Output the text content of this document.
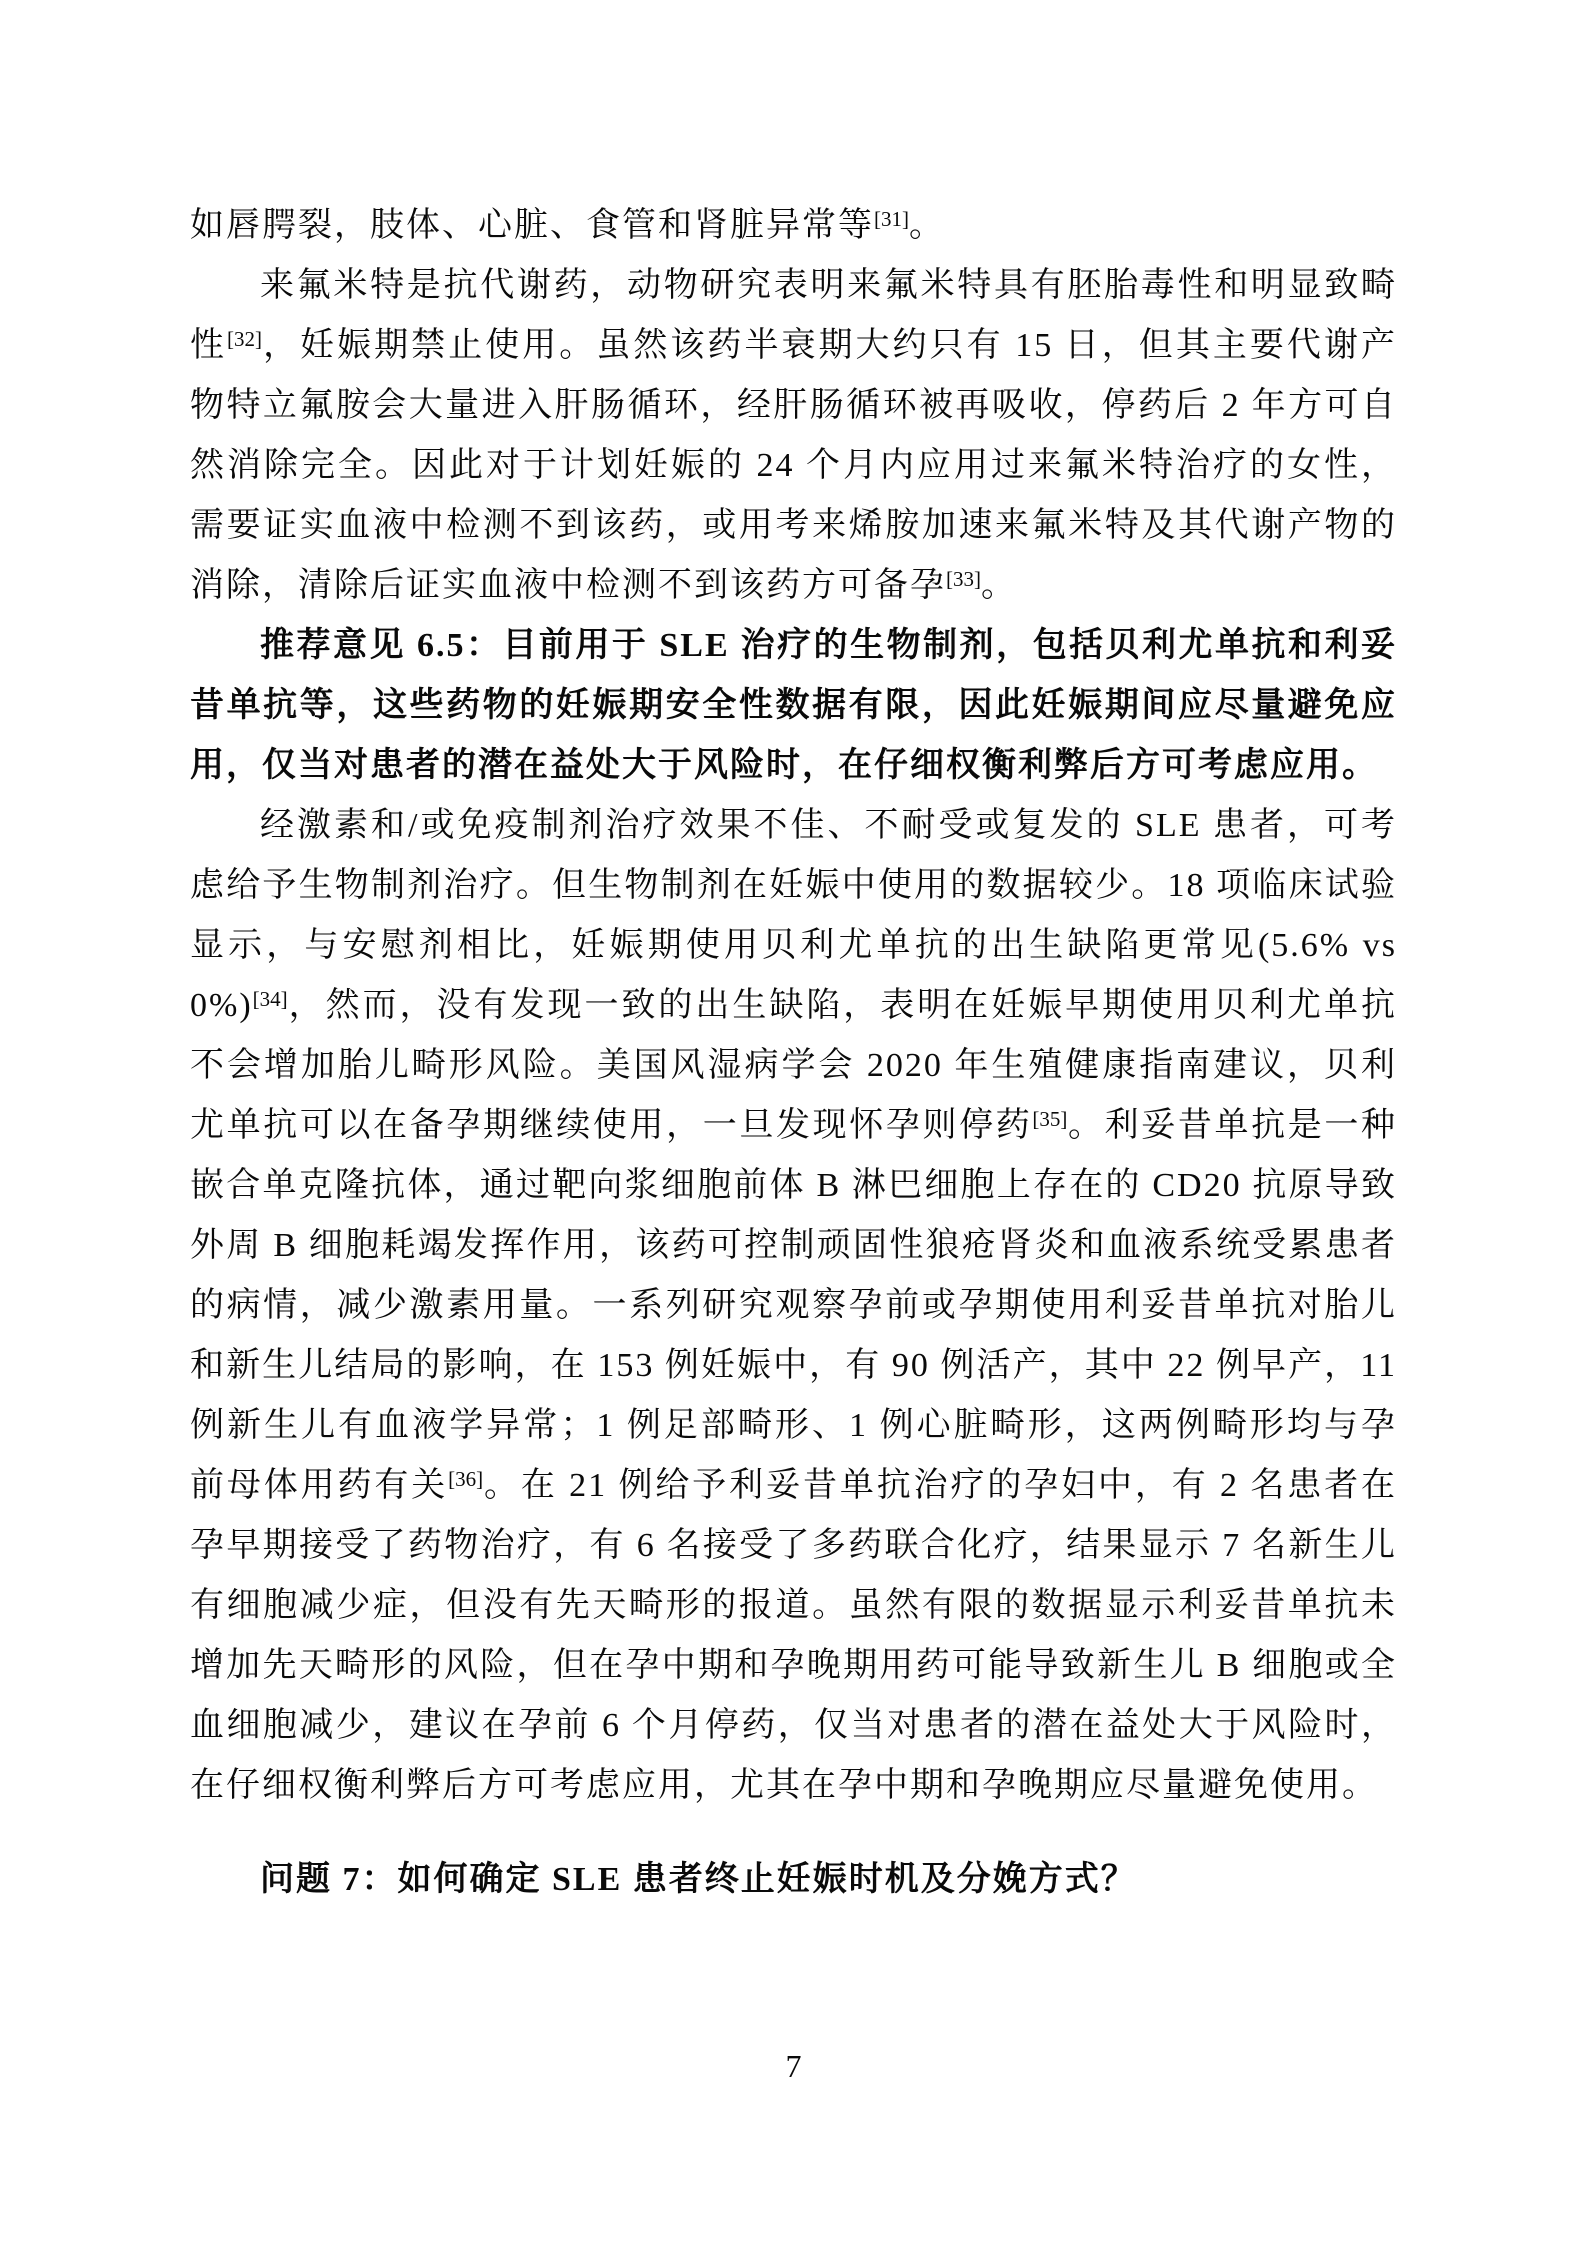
如唇腭裂，肢体、心脏、食管和肾脏异常等[31]。

来氟米特是抗代谢药，动物研究表明来氟米特具有胚胎毒性和明显致畸性[32]，妊娠期禁止使用。虽然该药半衰期大约只有 15 日，但其主要代谢产物特立氟胺会大量进入肝肠循环，经肝肠循环被再吸收，停药后 2 年方可自然消除完全。因此对于计划妊娠的 24 个月内应用过来氟米特治疗的女性，需要证实血液中检测不到该药，或用考来烯胺加速来氟米特及其代谢产物的消除，清除后证实血液中检测不到该药方可备孕[33]。

推荐意见 6.5：目前用于 SLE 治疗的生物制剂，包括贝利尤单抗和利妥昔单抗等，这些药物的妊娠期安全性数据有限，因此妊娠期间应尽量避免应用，仅当对患者的潜在益处大于风险时，在仔细权衡利弊后方可考虑应用。

经激素和/或免疫制剂治疗效果不佳、不耐受或复发的 SLE 患者，可考虑给予生物制剂治疗。但生物制剂在妊娠中使用的数据较少。18 项临床试验显示，与安慰剂相比，妊娠期使用贝利尤单抗的出生缺陷更常见(5.6% vs 0%)[34]，然而，没有发现一致的出生缺陷，表明在妊娠早期使用贝利尤单抗不会增加胎儿畸形风险。美国风湿病学会 2020 年生殖健康指南建议，贝利尤单抗可以在备孕期继续使用，一旦发现怀孕则停药[35]。利妥昔单抗是一种嵌合单克隆抗体，通过靶向浆细胞前体 B 淋巴细胞上存在的 CD20 抗原导致外周 B 细胞耗竭发挥作用，该药可控制顽固性狼疮肾炎和血液系统受累患者的病情，减少激素用量。一系列研究观察孕前或孕期使用利妥昔单抗对胎儿和新生儿结局的影响，在 153 例妊娠中，有 90 例活产，其中 22 例早产，11 例新生儿有血液学异常；1 例足部畸形、1 例心脏畸形，这两例畸形均与孕前母体用药有关[36]。在 21 例给予利妥昔单抗治疗的孕妇中，有 2 名患者在孕早期接受了药物治疗，有 6 名接受了多药联合化疗，结果显示 7 名新生儿有细胞减少症，但没有先天畸形的报道。虽然有限的数据显示利妥昔单抗未增加先天畸形的风险，但在孕中期和孕晚期用药可能导致新生儿 B 细胞或全血细胞减少，建议在孕前 6 个月停药，仅当对患者的潜在益处大于风险时，在仔细权衡利弊后方可考虑应用，尤其在孕中期和孕晚期应尽量避免使用。

问题 7：如何确定 SLE 患者终止妊娠时机及分娩方式？

7
